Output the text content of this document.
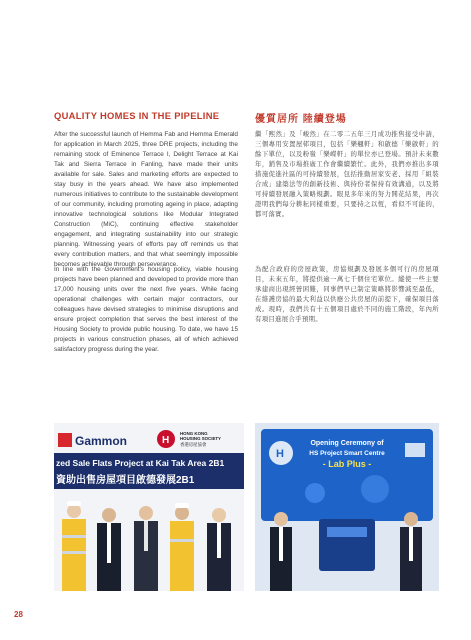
QUALITY HOMES IN THE PIPELINE	優質居所 陸續登場
After the successful launch of Hemma Fab and Hemma Emerald for application in March 2025, three DRE projects, including the remaining stock of Eminence Terrace I, Delight Terrace at Kai Tak and Sierra Terrace in Fanling, have made their units available for sale. Sales and marketing efforts are expected to stay busy in the years ahead. We have also implemented numerous initiatives to contribute to the sustainable development of our community, including promoting ageing in place, adapting innovative technological solutions like Modular Integrated Construction (MiC), continuing effective stakeholder engagement, and integrating sustainability into our strategic planning. Witnessing years of efforts pay off reminds us that every contribution matters, and that what seemingly impossible becomes achievable through perseverance.
In line with the Government's housing policy, viable housing projects have been planned and developed to provide more than 17,000 housing units over the next five years. While facing operational challenges with certain major contractors, our colleagues have devised strategies to minimise disruptions and ensure project completion that serves the best interest of the Housing Society to provide public housing. To date, we have 15 projects in various construction phases, all of which achieved satisfactory progress during the year.
繼「熙然」及「峻然」在二零二五年三月成功推售接受申請，三個專用安置屋邨項目，包括「樂翹軒」和啟德「樂啟軒」的餘下單位，以及粉嶺「樂嶸軒」的單位亦已登場。預計未來數年，銷售及市場推廣工作會繼續繁忙。此外，我們亦推出多項措施促進社區的可持續發展，包括推動居家安老、採用「組裝合成」建築法等的創新技術、與持份者保持有效溝通，以及將可持續發展融入策略規劃。眼見多年來的努力開花結果，再次證明我們每分耕耘同樣重要，只要持之以恆，看似不可能的，都可落實。
為配合政府的房屋政策，房協規劃及發展多個可行的房屋項目，未來五年，將提供逾一萬七千個住宅單位。縱使一些主要承建商出現經營困難，同事們早已制定策略將影響減至最低，在維護房協的最大利益以供應公共房屋的前提下，確保項目落成。現時，我們共有十五個項目處於不同的施工階段，年內所有項目進展合乎預期。
Gammon	H
HONG KONG
HOUSING SOCIETY
香港房屋協會
zed Sale Flats Project at Kai Tak Area 2B1
資助出售房屋項目啟德發展2B1
H
Opening Ceremony of
HS Project Smart Centre
- Lab Plus -
28
